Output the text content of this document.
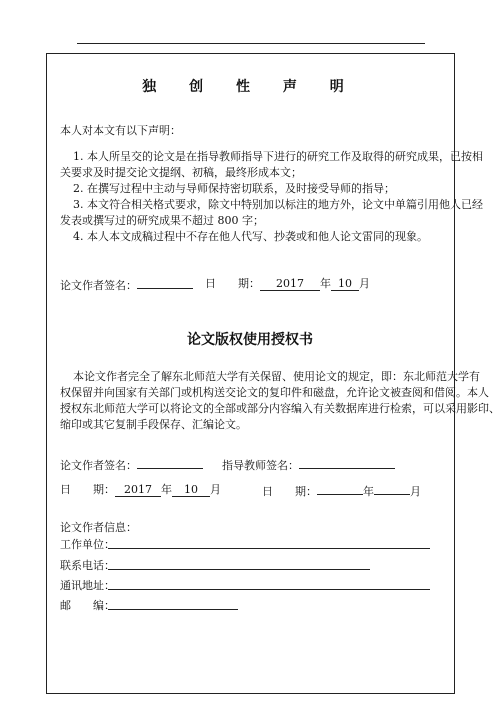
独 创 性 声 明
本人对本文有以下声明：
1. 本人所呈交的论文是在指导教师指导下进行的研究工作及取得的研究成果，已按相
关要求及时提交论文提纲、初稿，最终形成本文；
2. 在撰写过程中主动与导师保持密切联系，及时接受导师的指导；
3. 本文符合相关格式要求，除文中特别加以标注的地方外，论文中单篇引用他人已经
发表或撰写过的研究成果不超过 800 字；
4. 本人本文成稿过程中不存在他人代写、抄袭或和他人论文雷同的现象。
论文作者签名：	日　　期： 2017 年 10 月
论文版权使用授权书
本论文作者完全了解东北师范大学有关保留、使用论文的规定，即：东北师范大学有
权保留并向国家有关部门或机构送交论文的复印件和磁盘，允许论文被查阅和借阅。本人
授权东北师范大学可以将论文的全部或部分内容编入有关数据库进行检索，可以采用影印、
缩印或其它复制手段保存、汇编论文。
论文作者签名：	指导教师签名：
日　　期： 2017 年 10 月	日　　期：	年	月
论文作者信息：
工作单位：
联系电话：
通讯地址：
邮　　编：
